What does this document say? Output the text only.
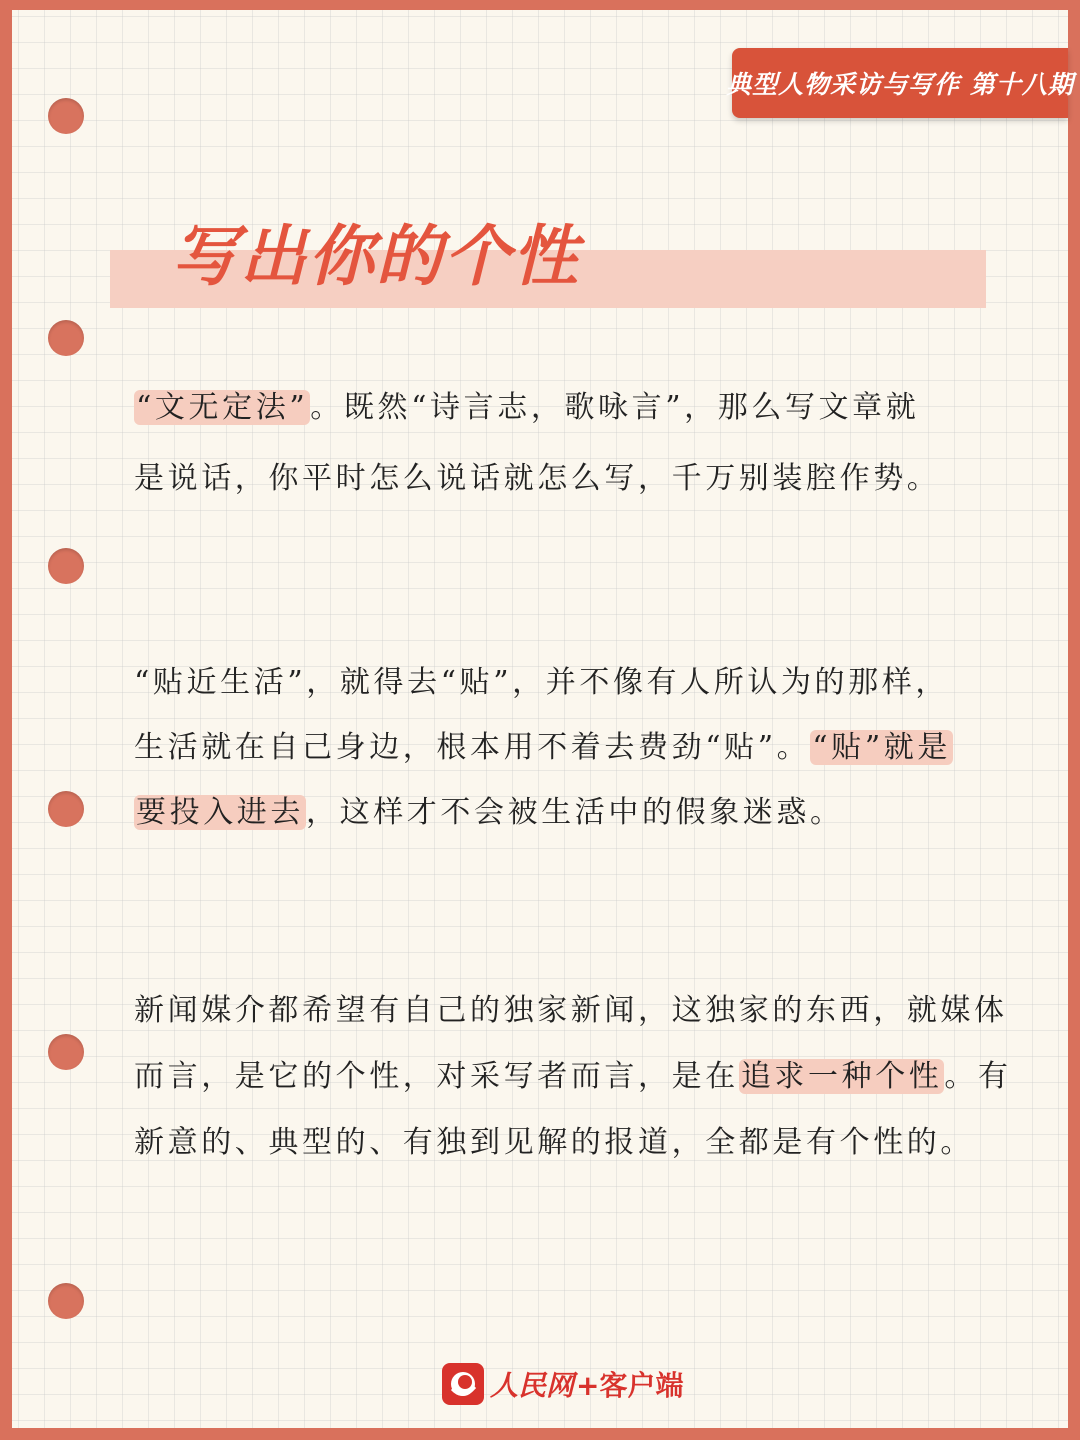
典型人物采访与写作 第十八期
写出你的个性
“文无定法”。既然“诗言志，歌咏言”，那么写文章就
是说话，你平时怎么说话就怎么写，千万别装腔作势。
“贴近生活”，就得去“贴”，并不像有人所认为的那样，
生活就在自己身边，根本用不着去费劲“贴”。“贴”就是
要投入进去，这样才不会被生活中的假象迷惑。
新闻媒介都希望有自己的独家新闻，这独家的东西，就媒体
而言，是它的个性，对采写者而言，是在追求一种个性。有
新意的、典型的、有独到见解的报道，全都是有个性的。
人民网 +客户端
